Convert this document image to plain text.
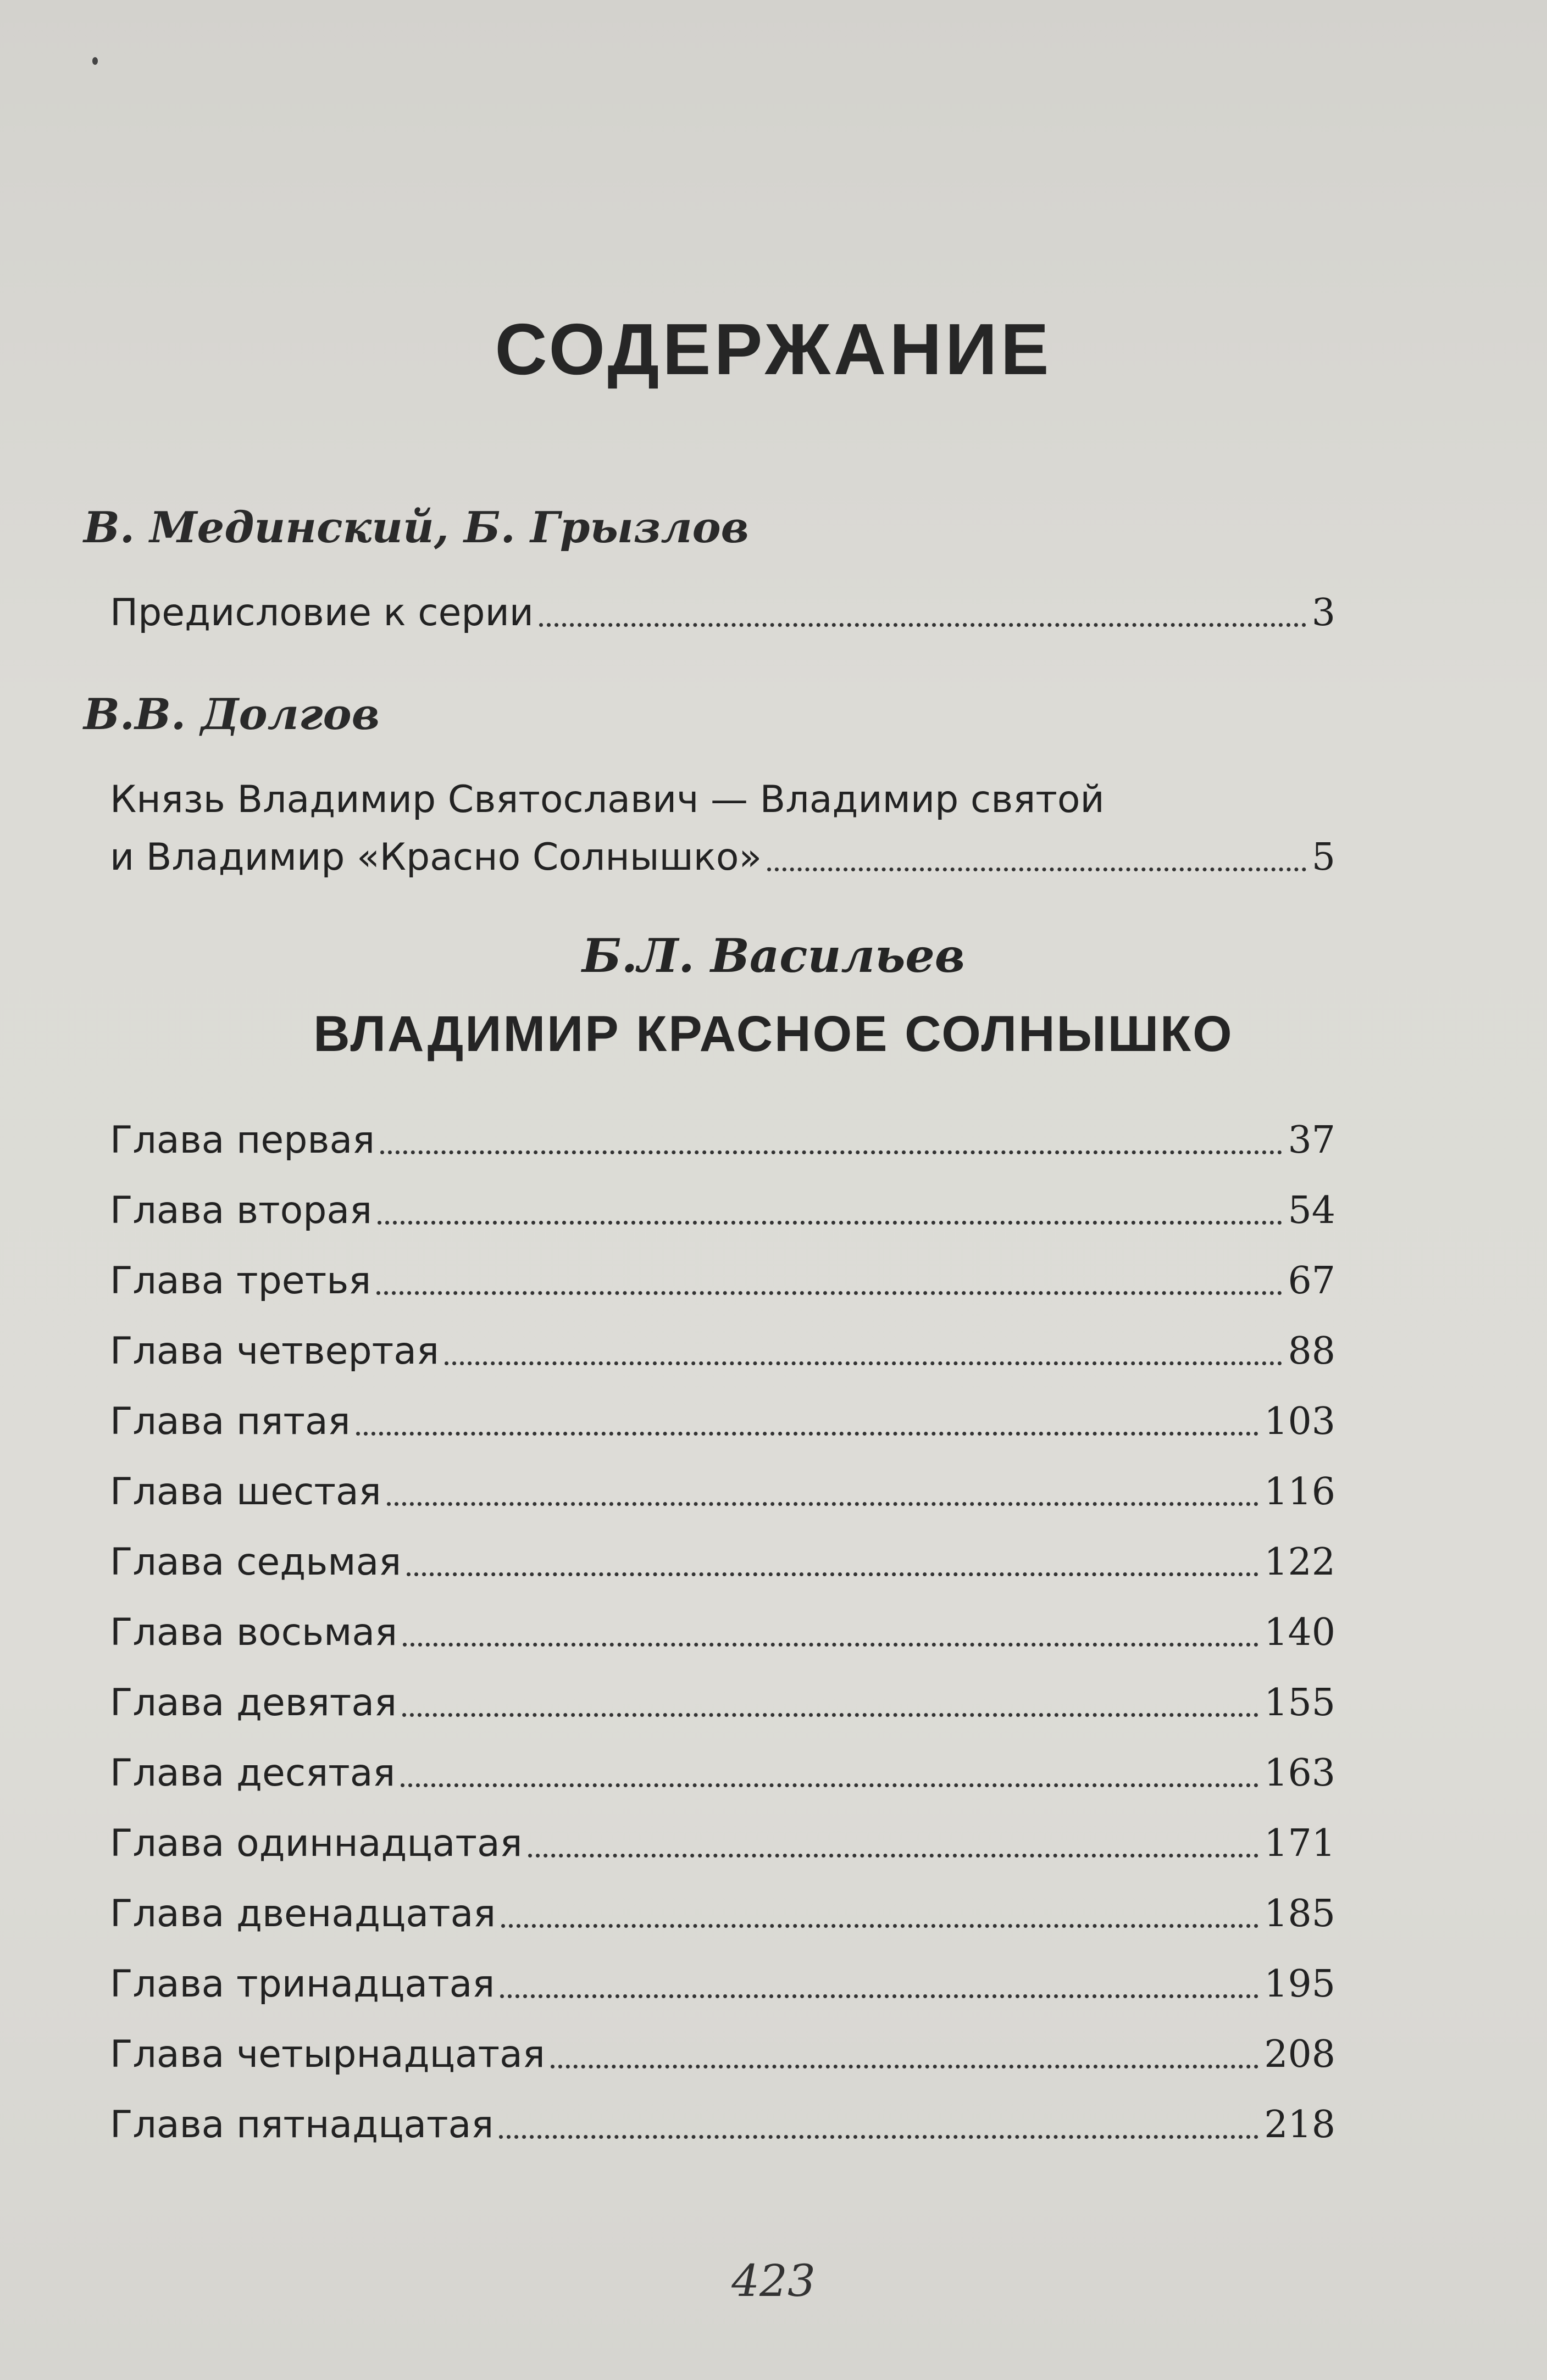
СОДЕРЖАНИЕ
В. Мединский, Б. Грызлов
Предисловие к серии	3
В.В. Долгов
Князь Владимир Святославич — Владимир святой
и Владимир «Красно Солнышко»	5
Б.Л. Васильев
ВЛАДИМИР КРАСНОЕ СОЛНЫШКО
Глава первая	37
Глава вторая	54
Глава третья	67
Глава четвертая	88
Глава пятая	103
Глава шестая	116
Глава седьмая	122
Глава восьмая	140
Глава девятая	155
Глава десятая	163
Глава одиннадцатая	171
Глава двенадцатая	185
Глава тринадцатая	195
Глава четырнадцатая	208
Глава пятнадцатая	218
423
